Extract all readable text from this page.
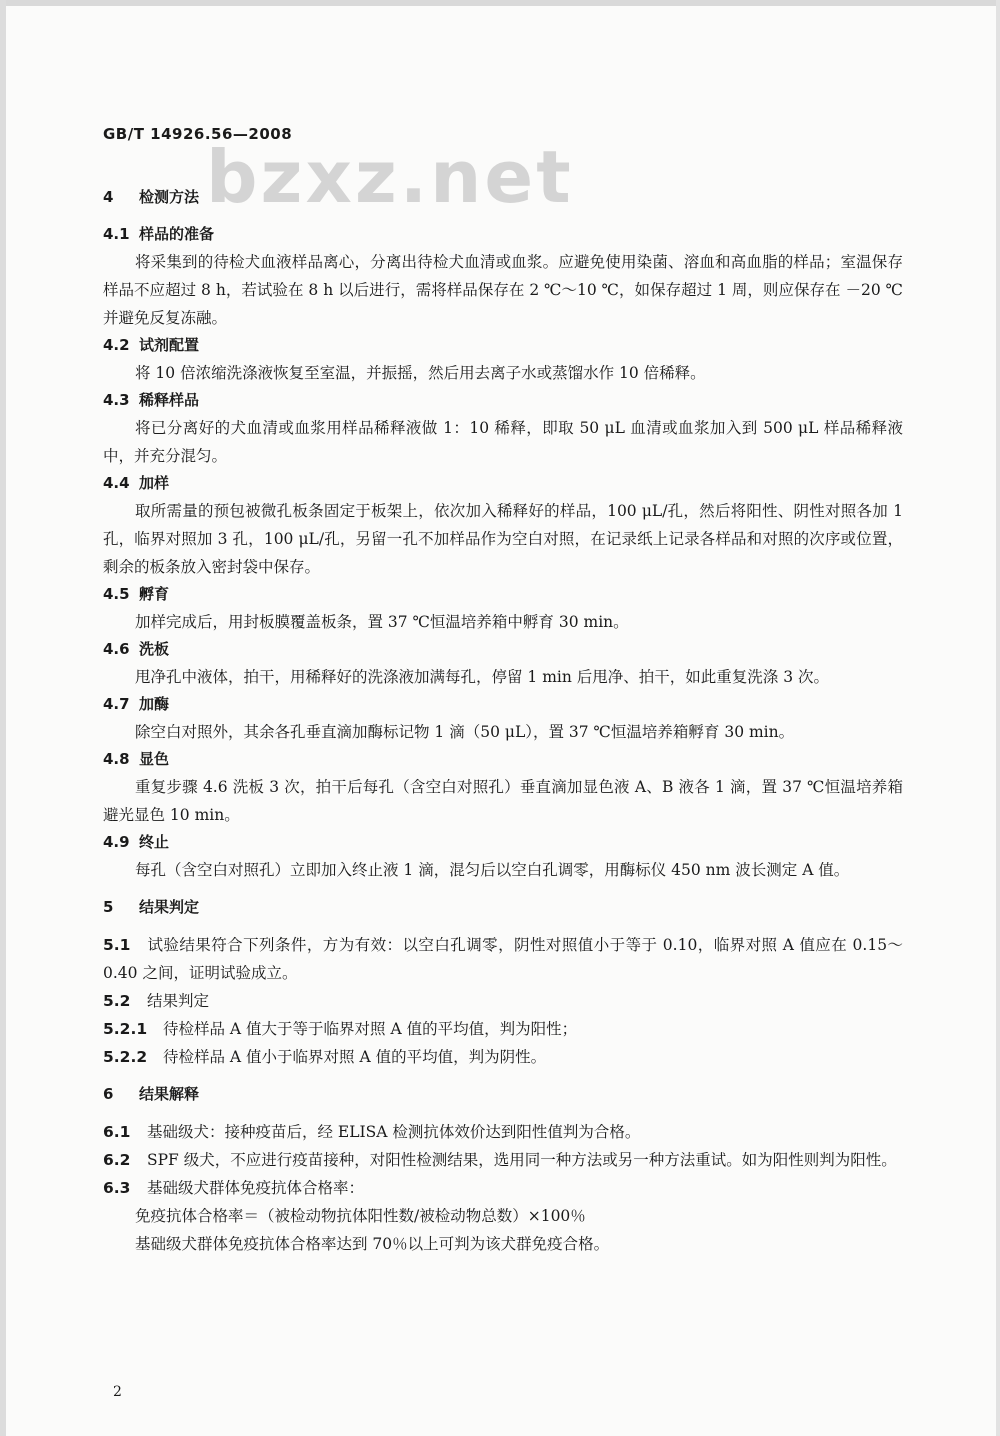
GB/T 14926.56—2008
bzxz.net
4 检测方法
4.1 样品的准备
将采集到的待检犬血液样品离心，分离出待检犬血清或血浆。应避免使用染菌、溶血和高血脂的样品；室温保存样品不应超过 8 h，若试验在 8 h 以后进行，需将样品保存在 2 ℃～10 ℃，如保存超过 1 周，则应保存在 －20 ℃并避免反复冻融。
4.2 试剂配置
将 10 倍浓缩洗涤液恢复至室温，并振摇，然后用去离子水或蒸馏水作 10 倍稀释。
4.3 稀释样品
将已分离好的犬血清或血浆用样品稀释液做 1：10 稀释，即取 50 μL 血清或血浆加入到 500 μL 样品稀释液中，并充分混匀。
4.4 加样
取所需量的预包被微孔板条固定于板架上，依次加入稀释好的样品，100 μL/孔，然后将阳性、阴性对照各加 1 孔，临界对照加 3 孔，100 μL/孔，另留一孔不加样品作为空白对照，在记录纸上记录各样品和对照的次序或位置，剩余的板条放入密封袋中保存。
4.5 孵育
加样完成后，用封板膜覆盖板条，置 37 ℃恒温培养箱中孵育 30 min。
4.6 洗板
甩净孔中液体，拍干，用稀释好的洗涤液加满每孔，停留 1 min 后甩净、拍干，如此重复洗涤 3 次。
4.7 加酶
除空白对照外，其余各孔垂直滴加酶标记物 1 滴（50 μL），置 37 ℃恒温培养箱孵育 30 min。
4.8 显色
重复步骤 4.6 洗板 3 次，拍干后每孔（含空白对照孔）垂直滴加显色液 A、B 液各 1 滴，置 37 ℃恒温培养箱避光显色 10 min。
4.9 终止
每孔（含空白对照孔）立即加入终止液 1 滴，混匀后以空白孔调零，用酶标仪 450 nm 波长测定 A 值。
5 结果判定
5.1 试验结果符合下列条件，方为有效：以空白孔调零，阴性对照值小于等于 0.10，临界对照 A 值应在 0.15～0.40 之间，证明试验成立。
5.2 结果判定
5.2.1 待检样品 A 值大于等于临界对照 A 值的平均值，判为阳性；
5.2.2 待检样品 A 值小于临界对照 A 值的平均值，判为阴性。
6 结果解释
6.1 基础级犬：接种疫苗后，经 ELISA 检测抗体效价达到阳性值判为合格。
6.2 SPF 级犬，不应进行疫苗接种，对阳性检测结果，选用同一种方法或另一种方法重试。如为阳性则判为阳性。
6.3 基础级犬群体免疫抗体合格率：
免疫抗体合格率＝（被检动物抗体阳性数/被检动物总数）×100％
基础级犬群体免疫抗体合格率达到 70％以上可判为该犬群免疫合格。
2
